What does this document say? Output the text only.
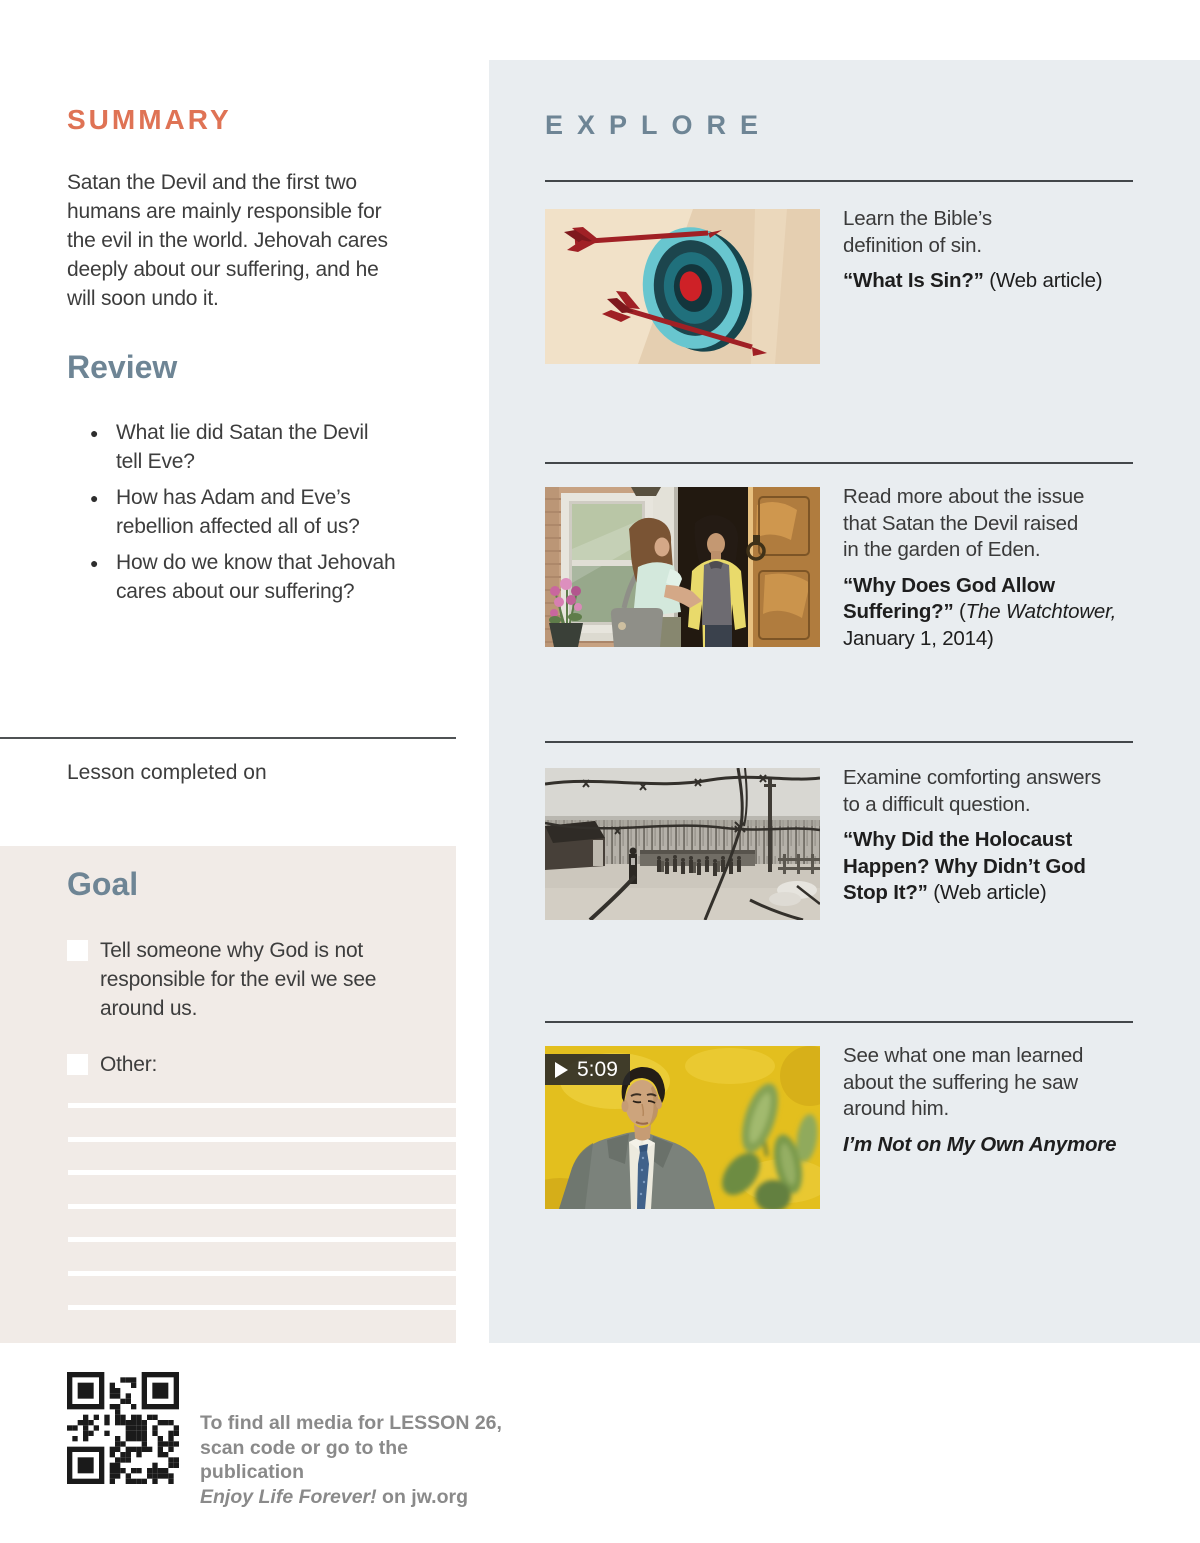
SUMMARY
Satan the Devil and the first two
humans are mainly responsible for
the evil in the world. Jehovah cares
deeply about our suffering, and he
will soon undo it.
Review
● What lie did Satan the Devil
tell Eve?
● How has Adam and Eve’s
rebellion affected all of us?
● How do we know that Jehovah
cares about our suffering?
Lesson completed on
Goal
Tell someone why God is not
responsible for the evil we see
around us.
Other:
To find all media for LESSON 26,
scan code or go to the publication
Enjoy Life Forever! on jw.org
EXPLORE
Learn the Bible’s
definition of sin.
“What Is Sin?” (Web article)
Read more about the issue
that Satan the Devil raised
in the garden of Eden.
“Why Does God Allow
Suffering?” (The Watchtower,
January 1, 2014)
Examine comforting answers
to a difficult question.
“Why Did the Holocaust
Happen? Why Didn’t God
Stop It?” (Web article)
5:09
See what one man learned
about the suffering he saw
around him.
I’m Not on My Own Anymore
